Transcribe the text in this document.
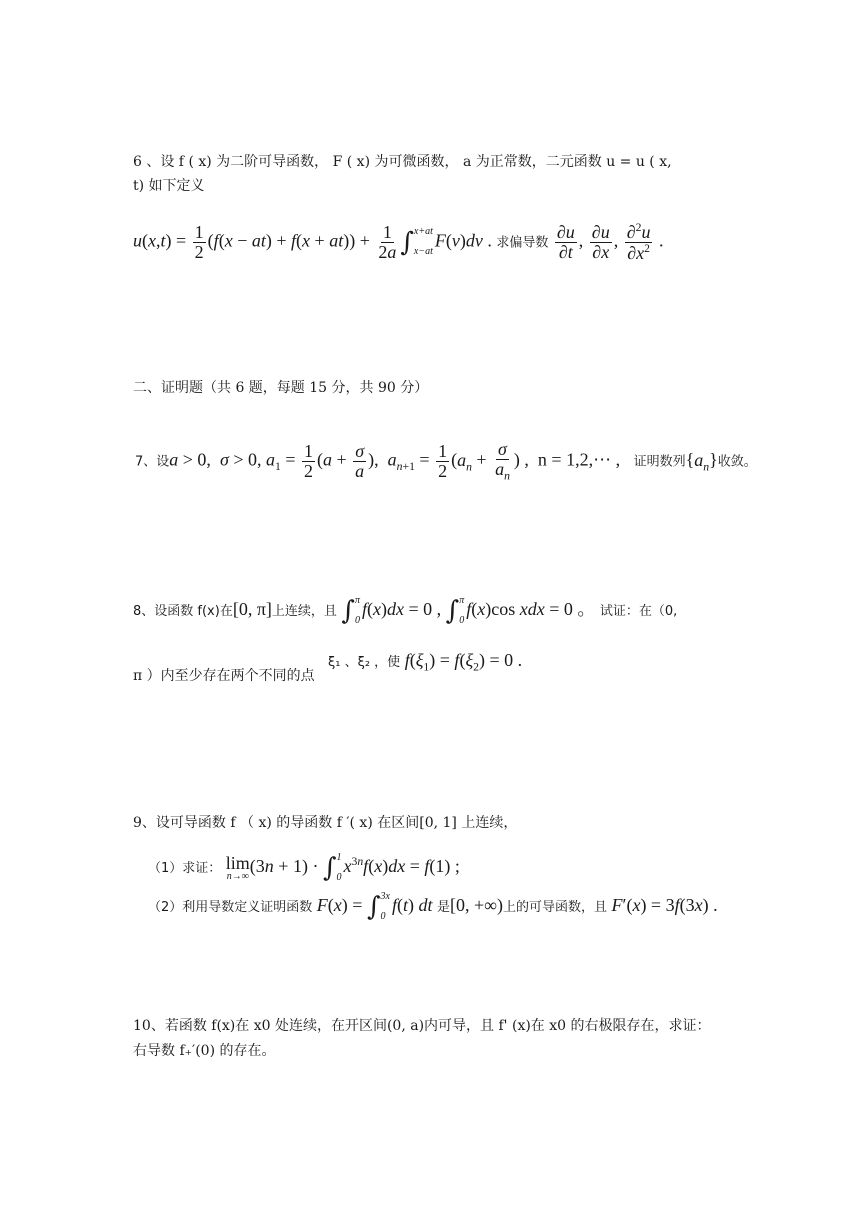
6 、设 f ( x) 为二阶可导函数， F ( x) 为可微函数， a 为正常数，二元函数 u = u ( x,
t) 如下定义
$u(x,t) = \frac{1}{2} (f(x - at) + f(x + at)) + \frac{1}{2a}$ ∫ x+at
x−at
F(v)dv . 求偏导数 $\frac{\partial u}{\partial t}$ , $\frac{\partial u}{\partial x}$ , $\frac{\partial^2u}{\partial x^2}$ .
二、证明题（共 6 题，每题 15 分，共 90 分）
7、设a > 0,  σ > 0, $a_1 = \frac{1}{2} (a + \frac{\sigma}{a}$ ),  $a_{n+1} = \frac{1}{2} (a_n + \frac{\sigma}{a_n}$ ) ,  n = 1,2,⋯ , 证明数列$\{a_n\}$收敛。
8、设函数 f(x)在[0, π]上连续，且 ∫ π
0
f(x)dx = 0 , ∫ π
0
f(x)cos xdx = 0 。 试证：在（0,
π ）内至少存在两个不同的点
ξ₁ 、ξ₂ ，使 $f(\xi_1) = f(\xi_2) = 0$ .
9、设可导函数 f （ x) 的导函数 f ′( x) 在区间[0, 1] 上连续，
（1）求证： lim
n→∞
(3n + 1) · ∫ 1
0
$x^{3n}f(x)dx = f(1)$ ;
（2）利用导数定义证明函数 F(x) = ∫ 3x
0
f(t) dt 是[0, +∞)上的可导函数，且 F′(x) = 3f(3x) .
10、若函数 f(x)在 x0 处连续，在开区间(0, a)内可导，且 f' (x)在 x0 的右极限存在，求证：
右导数 f₊′(0) 的存在。
